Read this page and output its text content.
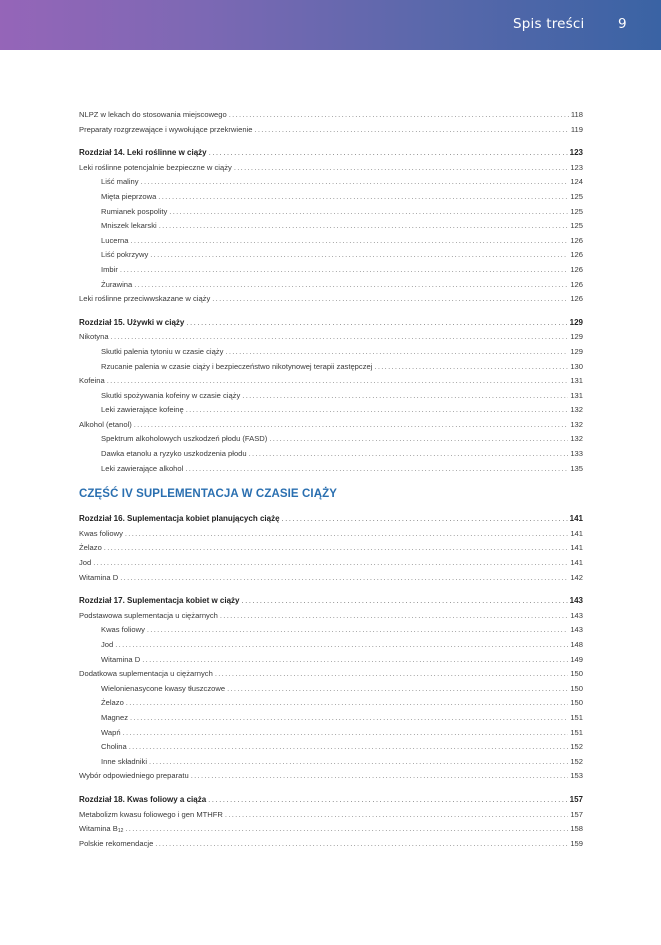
Spis treści 9
NLPZ w lekach do stosowania miejscowego . . .	118
Preparaty rozgrzewające i wywołujące przekrwienie . . .	119
Rozdział 14. Leki roślinne w ciąży . . .	123
Leki roślinne potencjalnie bezpieczne w ciąży . . .	123
Liść maliny . . .	124
Mięta pieprzowa . . .	125
Rumianek pospolity . . .	125
Mniszek lekarski . . .	125
Lucerna . . .	126
Liść pokrzywy . . .	126
Imbir . . .	126
Żurawina . . .	126
Leki roślinne przeciwwskazane w ciąży . . .	126
Rozdział 15. Używki w ciąży . . .	129
Nikotyna . . .	129
Skutki palenia tytoniu w czasie ciąży . . .	129
Rzucanie palenia w czasie ciąży i bezpieczeństwo nikotynowej terapii zastępczej . . .	130
Kofeina . . .	131
Skutki spożywania kofeiny w czasie ciąży . . .	131
Leki zawierające kofeinę . . .	132
Alkohol (etanol) . . .	132
Spektrum alkoholowych uszkodzeń płodu (FASD) . . .	132
Dawka etanolu a ryzyko uszkodzenia płodu . . .	133
Leki zawierające alkohol . . .	135
CZĘŚĆ IV SUPLEMENTACJA W CZASIE CIĄŻY
Rozdział 16. Suplementacja kobiet planujących ciążę . . .	141
Kwas foliowy . . .	141
Żelazo . . .	141
Jod . . .	141
Witamina D . . .	142
Rozdział 17. Suplementacja kobiet w ciąży . . .	143
Podstawowa suplementacja u ciężarnych . . .	143
Kwas foliowy . . .	143
Jod . . .	148
Witamina D . . .	149
Dodatkowa suplementacja u ciężarnych . . .	150
Wielonienasycone kwasy tłuszczowe . . .	150
Żelazo . . .	150
Magnez . . .	151
Wapń . . .	151
Cholina . . .	152
Inne składniki . . .	152
Wybór odpowiedniego preparatu . . .	153
Rozdział 18. Kwas foliowy a ciąża . . .	157
Metabolizm kwasu foliowego i gen MTHFR . . .	157
Witamina $B_{12}$ . . .	158
Polskie rekomendacje . . .	159
